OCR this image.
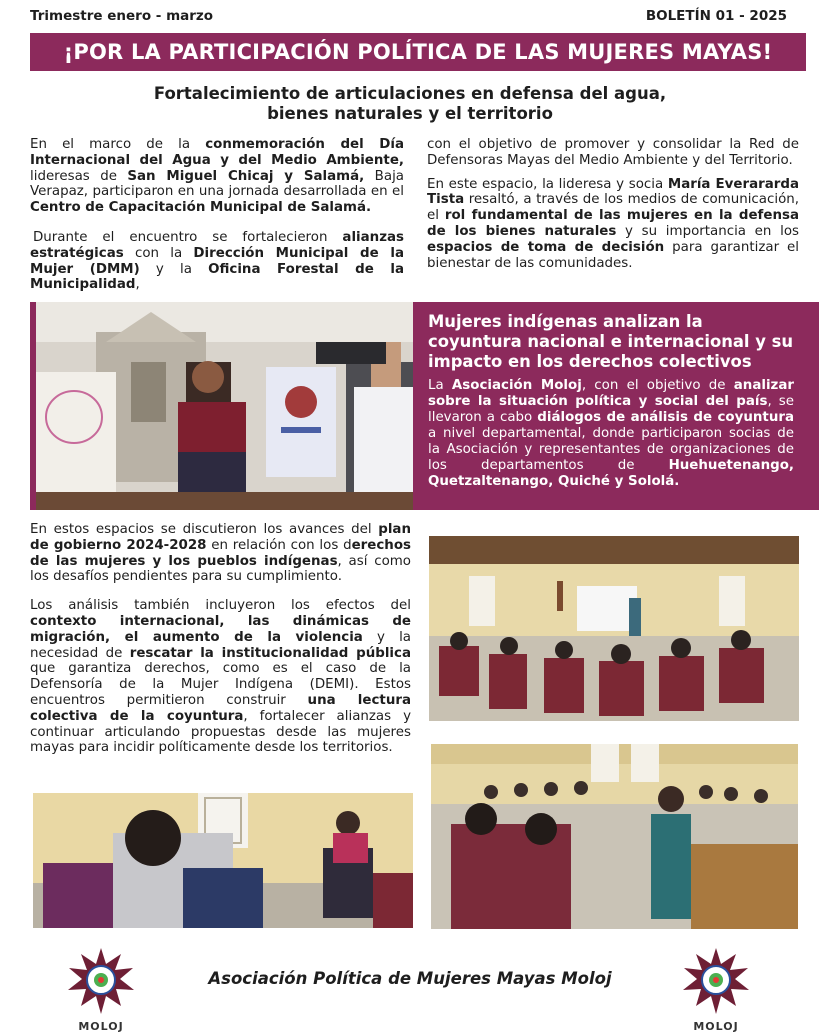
Trimestre enero - marzo	BOLETÍN 01 - 2025
¡POR LA PARTICIPACIÓN POLÍTICA DE LAS MUJERES MAYAS!
Fortalecimiento de articulaciones en defensa del agua,
bienes naturales y el territorio

En el marco de la conmemoración del Día Internacional del Agua y del Medio Ambiente, lideresas de San Miguel Chicaj y Salamá, Baja Verapaz, participaron en una jornada desarrollada en el Centro de Capacitación Municipal de Salamá.

Durante el encuentro se fortalecieron alianzas estratégicas con la Dirección Municipal de la Mujer (DMM) y la Oficina Forestal de la Municipalidad,

con el objetivo de promover y consolidar la Red de Defensoras Mayas del Medio Ambiente y del Territorio.

En este espacio, la lideresa y socia María Everararda Tista resaltó, a través de los medios de comunicación, el rol fundamental de las mujeres en la defensa de los bienes naturales y su importancia en los espacios de toma de decisión para garantizar el bienestar de las comunidades.

Mujeres indígenas analizan la coyuntura nacional e internacional y su impacto en los derechos colectivos
La Asociación Moloj, con el objetivo de analizar sobre la situación política y social del país, se llevaron a cabo diálogos de análisis de coyuntura a nivel departamental, donde participaron socias de la Asociación y representantes de organizaciones de los departamentos de Huehuetenango, Quetzaltenango, Quiché y Sololá.

En estos espacios se discutieron los avances del plan de gobierno 2024-2028 en relación con los derechos de las mujeres y los pueblos indígenas, así como los desafíos pendientes para su cumplimiento.

Los análisis también incluyeron los efectos del contexto internacional, las dinámicas de migración, el aumento de la violencia y la necesidad de rescatar la institucionalidad pública que garantiza derechos, como es el caso de la Defensoría de la Mujer Indígena (DEMI). Estos encuentros permitieron construir una lectura colectiva de la coyuntura, fortalecer alianzas y continuar articulando propuestas desde las mujeres mayas para incidir políticamente desde los territorios.

MOLOJ
Asociación Política de Mujeres Mayas Moloj
MOLOJ
